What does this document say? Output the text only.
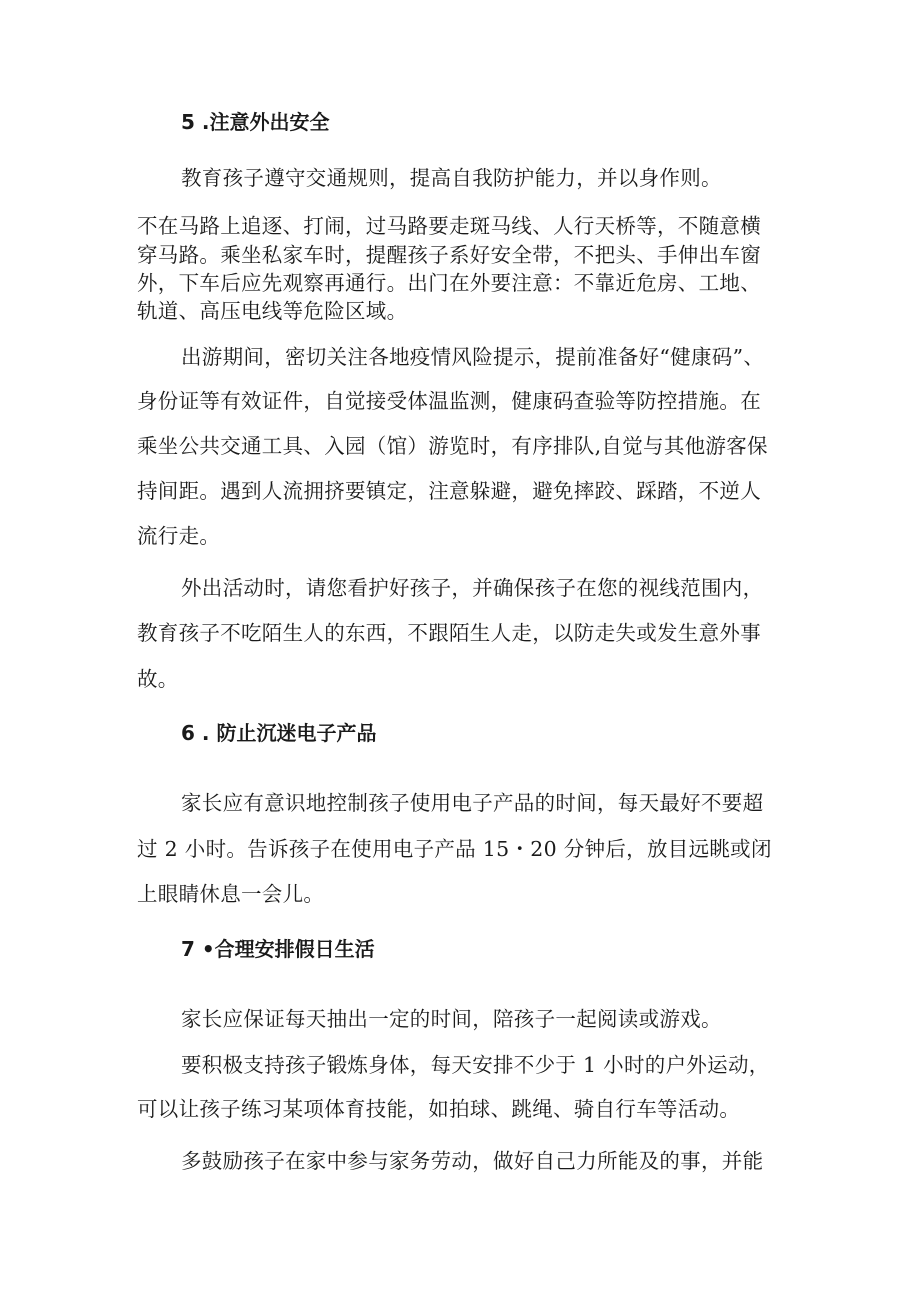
5 .注意外出安全
教育孩子遵守交通规则，提高自我防护能力，并以身作则。
不在马路上追逐、打闹，过马路要走斑马线、人行天桥等，不随意横
穿马路。乘坐私家车时，提醒孩子系好安全带，不把头、手伸出车窗
外，下车后应先观察再通行。出门在外要注意：不靠近危房、工地、
轨道、高压电线等危险区域。
出游期间，密切关注各地疫情风险提示，提前准备好“健康码”、
身份证等有效证件，自觉接受体温监测，健康码查验等防控措施。在
乘坐公共交通工具、入园（馆）游览时，有序排队,自觉与其他游客保
持间距。遇到人流拥挤要镇定，注意躲避，避免摔跤、踩踏，不逆人
流行走。
外出活动时，请您看护好孩子，并确保孩子在您的视线范围内，
教育孩子不吃陌生人的东西，不跟陌生人走，以防走失或发生意外事
故。
6 . 防止沉迷电子产品
家长应有意识地控制孩子使用电子产品的时间，每天最好不要超
过 2 小时。告诉孩子在使用电子产品 15・20 分钟后，放目远眺或闭
上眼睛休息一会儿。
7 •合理安排假日生活
家长应保证每天抽出一定的时间，陪孩子一起阅读或游戏。
要积极支持孩子锻炼身体，每天安排不少于 1 小时的户外运动，
可以让孩子练习某项体育技能，如拍球、跳绳、骑自行车等活动。
多鼓励孩子在家中参与家务劳动，做好自己力所能及的事，并能
